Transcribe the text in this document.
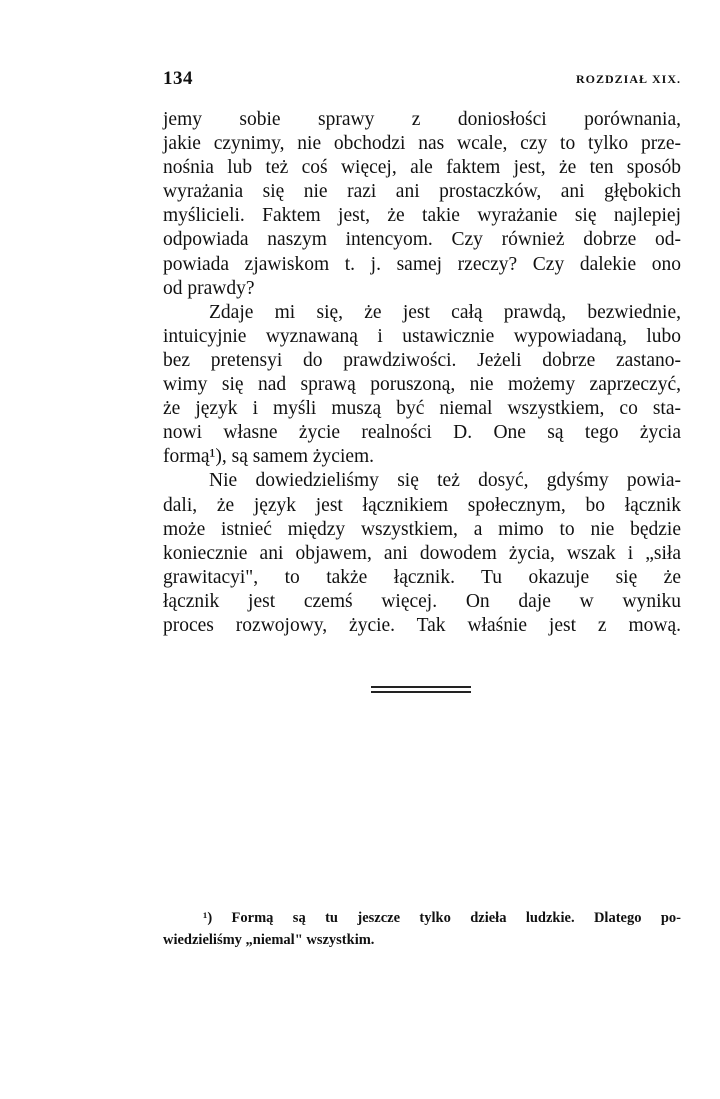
134	ROZDZIAŁ XIX.
jemy sobie sprawy z doniosłości porównania,
jakie czynimy, nie obchodzi nas wcale, czy to tylko prze-
nośnia lub też coś więcej, ale faktem jest, że ten sposób
wyrażania się nie razi ani prostaczków, ani głębokich
myślicieli. Faktem jest, że takie wyrażanie się najlepiej
odpowiada naszym intencyom. Czy również dobrze od-
powiada zjawiskom t. j. samej rzeczy? Czy dalekie ono
od prawdy?
Zdaje mi się, że jest całą prawdą, bezwiednie,
intuicyjnie wyznawaną i ustawicznie wypowiadaną, lubo
bez pretensyi do prawdziwości. Jeżeli dobrze zastano-
wimy się nad sprawą poruszoną, nie możemy zaprzeczyć,
że język i myśli muszą być niemal wszystkiem, co sta-
nowi własne życie realności D. One są tego życia
formą¹), są samem życiem.
Nie dowiedzieliśmy się też dosyć, gdyśmy powia-
dali, że język jest łącznikiem społecznym, bo łącznik
może istnieć między wszystkiem, a mimo to nie będzie
koniecznie ani objawem, ani dowodem życia, wszak i „siła
grawitacyi", to także łącznik. Tu okazuje się że
łącznik jest czemś więcej. On daje w wyniku
proces rozwojowy, życie. Tak właśnie jest z mową.
¹) Formą są tu jeszcze tylko dzieła ludzkie. Dlatego po-
wiedzieliśmy „niemal" wszystkim.
